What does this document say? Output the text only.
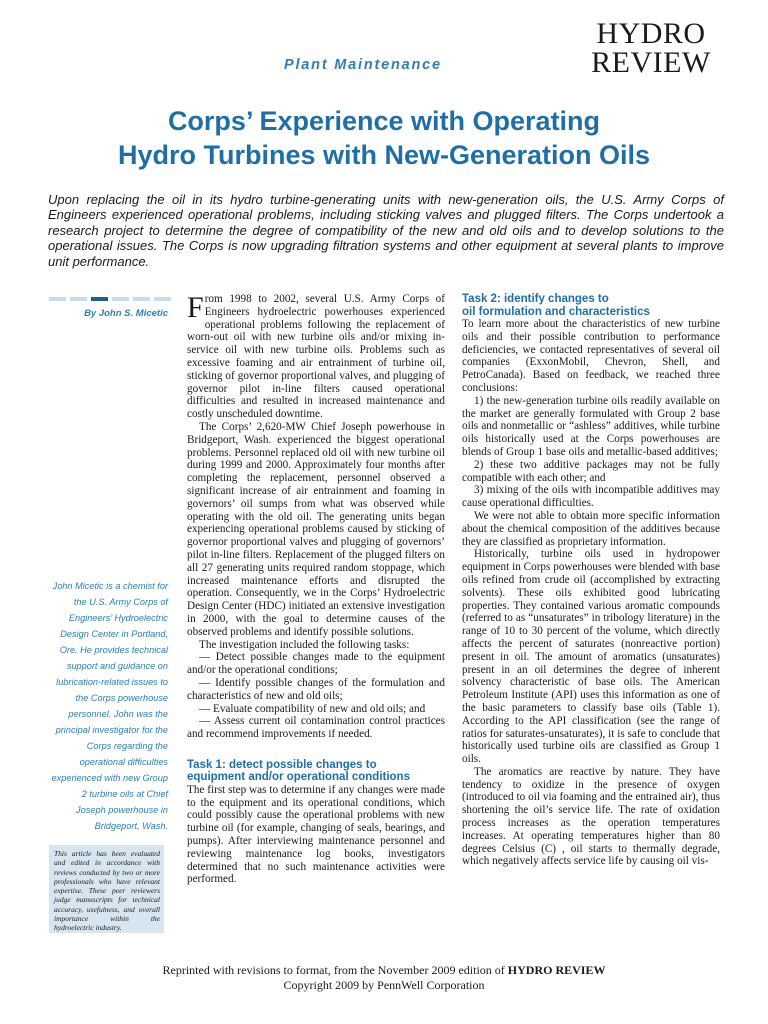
Plant Maintenance
HYDRO
REVIEW
Corps’ Experience with Operating
Hydro Turbines with New-Generation Oils
Upon replacing the oil in its hydro turbine-generating units with new-generation oils, the U.S. Army Corps of Engineers experienced operational problems, including sticking valves and plugged filters. The Corps undertook a research project to determine the degree of compatibility of the new and old oils and to develop solutions to the operational issues. The Corps is now upgrading filtration systems and other equipment at several plants to improve unit performance.
By John S. Micetic
John Micetic is a chemist for the U.S. Army Corps of Engineers’ Hydroelectric Design Center in Portland, Ore. He provides technical support and guidance on lubrication-related issues to the Corps powerhouse personnel. John was the principal investigator for the Corps regarding the operational difficulties experienced with new Group 2 turbine oils at Chief Joseph powerhouse in Bridgeport, Wash.
This article has been evaluated and edited in accordance with reviews conducted by two or more professionals who have relevant expertise. These peer reviewers judge manuscripts for technical accuracy, usefulness, and overall importance within the hydroelectric industry.

From 1998 to 2002, several U.S. Army Corps of Engineers hydroelectric powerhouses experienced operational problems following the replacement of worn-out oil with new turbine oils and/or mixing in-service oil with new turbine oils. Problems such as excessive foaming and air entrainment of turbine oil, sticking of governor proportional valves, and plugging of governor pilot in-line filters caused operational difficulties and resulted in increased maintenance and costly unscheduled downtime.

The Corps’ 2,620-MW Chief Joseph powerhouse in Bridgeport, Wash. experienced the biggest operational problems. Personnel replaced old oil with new turbine oil during 1999 and 2000. Approximately four months after completing the replacement, personnel observed a significant increase of air entrainment and foaming in governors’ oil sumps from what was observed while operating with the old oil. The generating units began experiencing operational problems caused by sticking of governor proportional valves and plugging of governors’ pilot in-line filters. Replacement of the plugged filters on all 27 generating units required random stoppage, which increased maintenance efforts and disrupted the operation. Consequently, we in the Corps’ Hydroelectric Design Center (HDC) initiated an extensive investigation in 2000, with the goal to determine causes of the observed problems and identify possible solutions.

The investigation included the following tasks:

— Detect possible changes made to the equipment and/or the operational conditions;

— Identify possible changes of the formulation and characteristics of new and old oils;

— Evaluate compatibility of new and old oils; and

— Assess current oil contamination control practices and recommend improvements if needed.

Task 1: detect possible changes to
equipment and/or operational conditions

The first step was to determine if any changes were made to the equipment and its operational conditions, which could possibly cause the operational problems with new turbine oil (for example, changing of seals, bearings, and pumps). After interviewing maintenance personnel and reviewing maintenance log books, investigators determined that no such maintenance activities were performed.

Task 2: identify changes to
oil formulation and characteristics

To learn more about the characteristics of new turbine oils and their possible contribution to performance deficiencies, we contacted representatives of several oil companies (ExxonMobil, Chevron, Shell, and PetroCanada). Based on feedback, we reached three conclusions:

1) the new-generation turbine oils readily available on the market are generally formulated with Group 2 base oils and nonmetallic or “ashless” additives, while turbine oils historically used at the Corps powerhouses are blends of Group 1 base oils and metallic-based additives;

2) these two additive packages may not be fully compatible with each other; and

3) mixing of the oils with incompatible additives may cause operational difficulties.

We were not able to obtain more specific information about the chemical composition of the additives because they are classified as proprietary information.

Historically, turbine oils used in hydropower equipment in Corps powerhouses were blended with base oils refined from crude oil (accomplished by extracting solvents). These oils exhibited good lubricating properties. They contained various aromatic compounds (referred to as “unsaturates” in tribology literature) in the range of 10 to 30 percent of the volume, which directly affects the percent of saturates (nonreactive portion) present in oil. The amount of aromatics (unsaturates) present in an oil determines the degree of inherent solvency characteristic of base oils. The American Petroleum Institute (API) uses this information as one of the basic parameters to classify base oils (Table 1). According to the API classification (see the range of ratios for saturates-unsaturates), it is safe to conclude that historically used turbine oils are classified as Group 1 oils.

The aromatics are reactive by nature. They have tendency to oxidize in the presence of oxygen (introduced to oil via foaming and the entrained air), thus shortening the oil’s service life. The rate of oxidation process increases as the operation temperatures increases. At operating temperatures higher than 80 degrees Celsius (C) , oil starts to thermally degrade, which negatively affects service life by causing oil vis-

Reprinted with revisions to format, from the November 2009 edition of HYDRO REVIEW
Copyright 2009 by PennWell Corporation
